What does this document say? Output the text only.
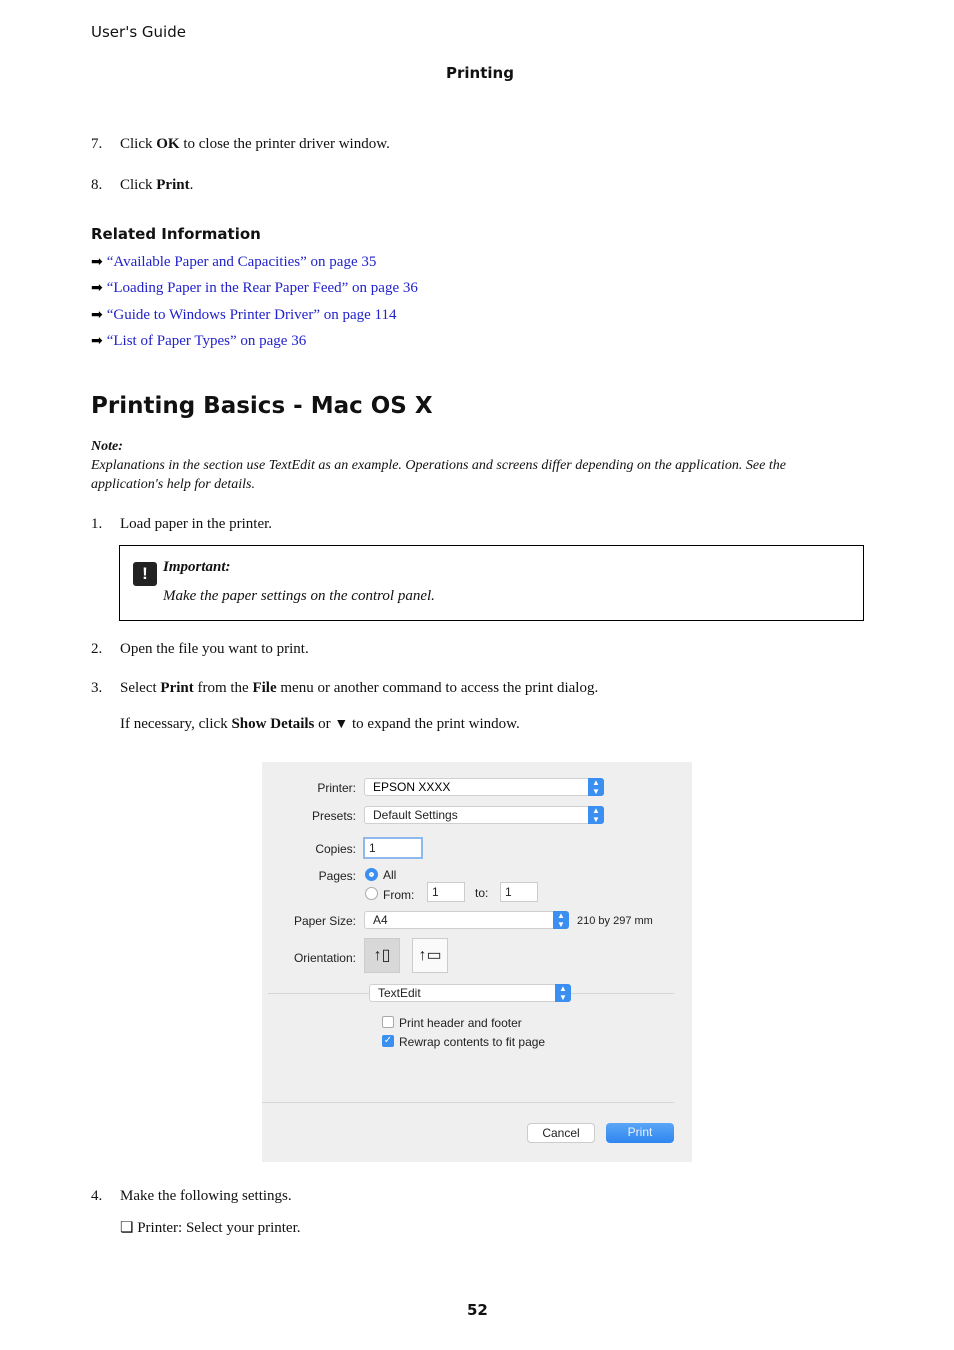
User's Guide
Printing
7. Click OK to close the printer driver window.
8. Click Print.
Related Information
➡ “Available Paper and Capacities” on page 35
➡ “Loading Paper in the Rear Paper Feed” on page 36
➡ “Guide to Windows Printer Driver” on page 114
➡ “List of Paper Types” on page 36
Printing Basics - Mac OS X
Note:
Explanations in the section use TextEdit as an example. Operations and screens differ depending on the application. See the
application's help for details.
1. Load paper in the printer.
!	Important:
Make the paper settings on the control panel.
2. Open the file you want to print.
3. Select Print from the File menu or another command to access the print dialog.
If necessary, click Show Details or ▼ to expand the print window.
Printer:	EPSON XXXX	▲
▼
Presets:	Default Settings	▲
▼
Copies:	1
Pages: All
From:	1	to:	1
Paper Size:	A4	▲
▼	210 by 297 mm
Orientation:	↑▯	↑▭
TextEdit	▲
▼
Print header and footer
✓ Rewrap contents to fit page
Cancel	Print
4. Make the following settings.
❏ Printer: Select your printer.
52
